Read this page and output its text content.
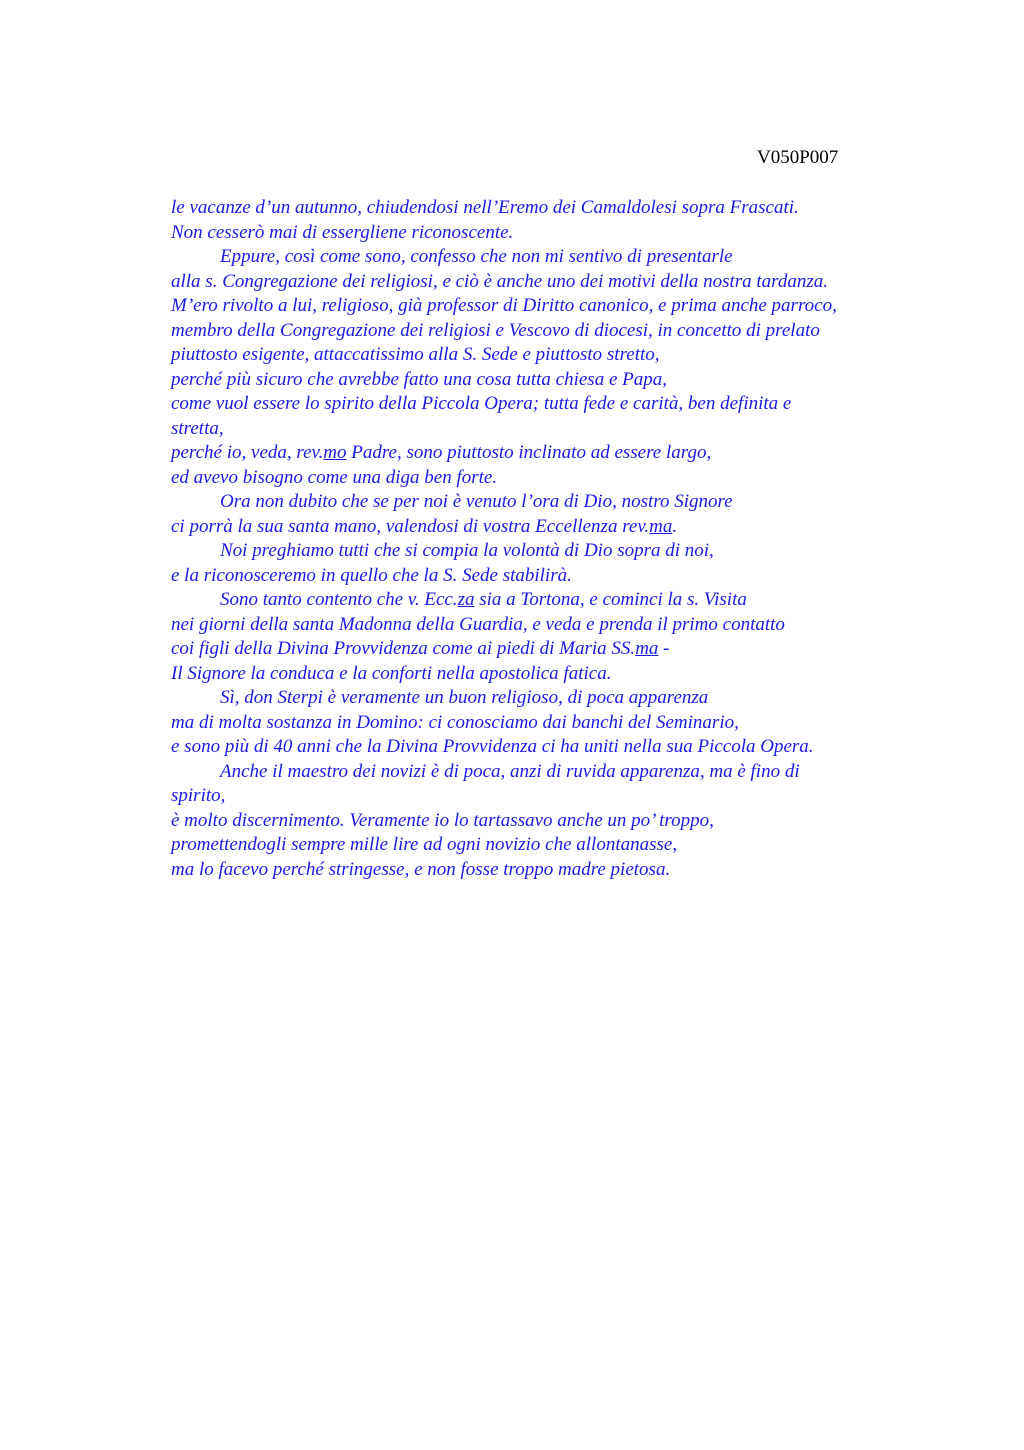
V050P007
le vacanze d’un autunno, chiudendosi nell’Eremo dei Camaldolesi sopra Frascati.
Non cesserò mai di essergliene riconoscente.
Eppure, così come sono, confesso che non mi sentivo di presentarle
alla s. Congregazione dei religiosi, e ciò è anche uno dei motivi della nostra tardanza.
M’ero rivolto a lui, religioso, già professor di Diritto canonico, e prima anche parroco,
membro della Congregazione dei religiosi e Vescovo di diocesi, in concetto di prelato
piuttosto esigente, attaccatissimo alla S. Sede e piuttosto stretto,
perché più sicuro che avrebbe fatto una cosa tutta chiesa e Papa,
come vuol essere lo spirito della Piccola Opera; tutta fede e carità, ben definita e
stretta,
perché io, veda, rev.mo Padre, sono piuttosto inclinato ad essere largo,
ed avevo bisogno come una diga ben forte.
Ora non dubito che se per noi è venuto l’ora di Dio, nostro Signore
ci porrà la sua santa mano, valendosi di vostra Eccellenza rev.ma.
Noi preghiamo tutti che si compia la volontà di Dio sopra di noi,
e la riconosceremo in quello che la S. Sede stabilirà.
Sono tanto contento che v. Ecc.za sia a Tortona, e cominci la s. Visita
nei giorni della santa Madonna della Guardia, e veda e prenda il primo contatto
coi figli della Divina Provvidenza come ai piedi di Maria SS.ma -
Il Signore la conduca e la conforti nella apostolica fatica.
Sì, don Sterpi è veramente un buon religioso, di poca apparenza
ma di molta sostanza in Domino: ci conosciamo dai banchi del Seminario,
e sono più di 40 anni che la Divina Provvidenza ci ha uniti nella sua Piccola Opera.
Anche il maestro dei novizi è di poca, anzi di ruvida apparenza, ma è fino di
spirito,
è molto discernimento. Veramente io lo tartassavo anche un po’ troppo,
promettendogli sempre mille lire ad ogni novizio che allontanasse,
ma lo facevo perché stringesse, e non fosse troppo madre pietosa.
